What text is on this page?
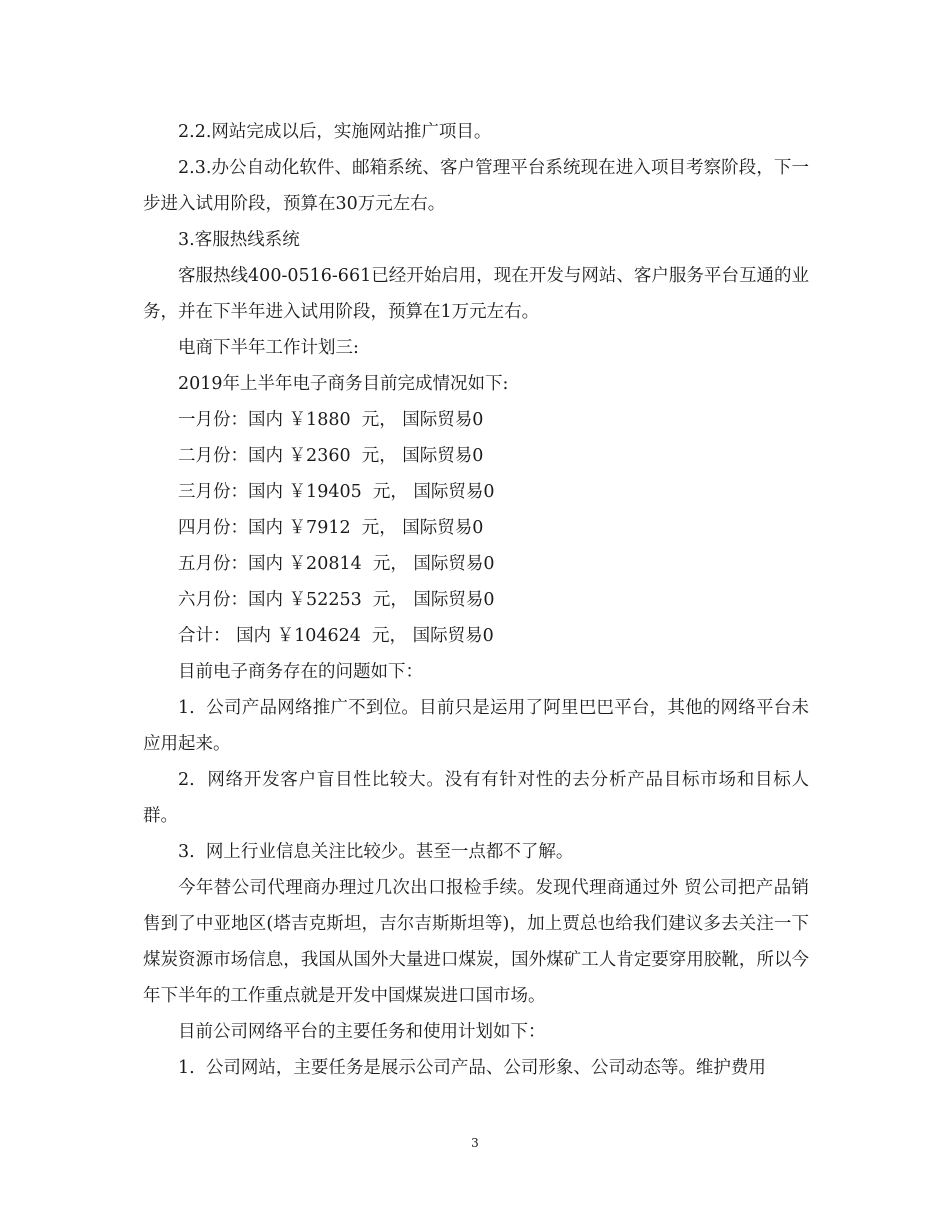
2.2.网站完成以后，实施网站推广项目。

2.3.办公自动化软件、邮箱系统、客户管理平台系统现在进入项目考察阶段，下一步进入试用阶段，预算在30万元左右。

3.客服热线系统

客服热线400-0516-661已经开始启用，现在开发与网站、客户服务平台互通的业务，并在下半年进入试用阶段，预算在1万元左右。

电商下半年工作计划三:

2019年上半年电子商务目前完成情况如下:

一月份：国内 ￥1880  元， 国际贸易0

二月份：国内 ￥2360  元， 国际贸易0

三月份：国内 ￥19405  元， 国际贸易0

四月份：国内 ￥7912  元， 国际贸易0

五月份：国内 ￥20814  元， 国际贸易0

六月份：国内 ￥52253  元， 国际贸易0

合计： 国内 ￥104624  元， 国际贸易0

目前电子商务存在的问题如下：

1.  公司产品网络推广不到位。目前只是运用了阿里巴巴平台，其他的网络平台未应用起来。

2.  网络开发客户盲目性比较大。没有有针对性的去分析产品目标市场和目标人群。

3.  网上行业信息关注比较少。甚至一点都不了解。

今年替公司代理商办理过几次出口报检手续。发现代理商通过外 贸公司把产品销售到了中亚地区(塔吉克斯坦，吉尔吉斯斯坦等)，加上贾总也给我们建议多去关注一下煤炭资源市场信息，我国从国外大量进口煤炭，国外煤矿工人肯定要穿用胶靴，所以今年下半年的工作重点就是开发中国煤炭进口国市场。

目前公司网络平台的主要任务和使用计划如下：

1.  公司网站，主要任务是展示公司产品、公司形象、公司动态等。维护费用

3
